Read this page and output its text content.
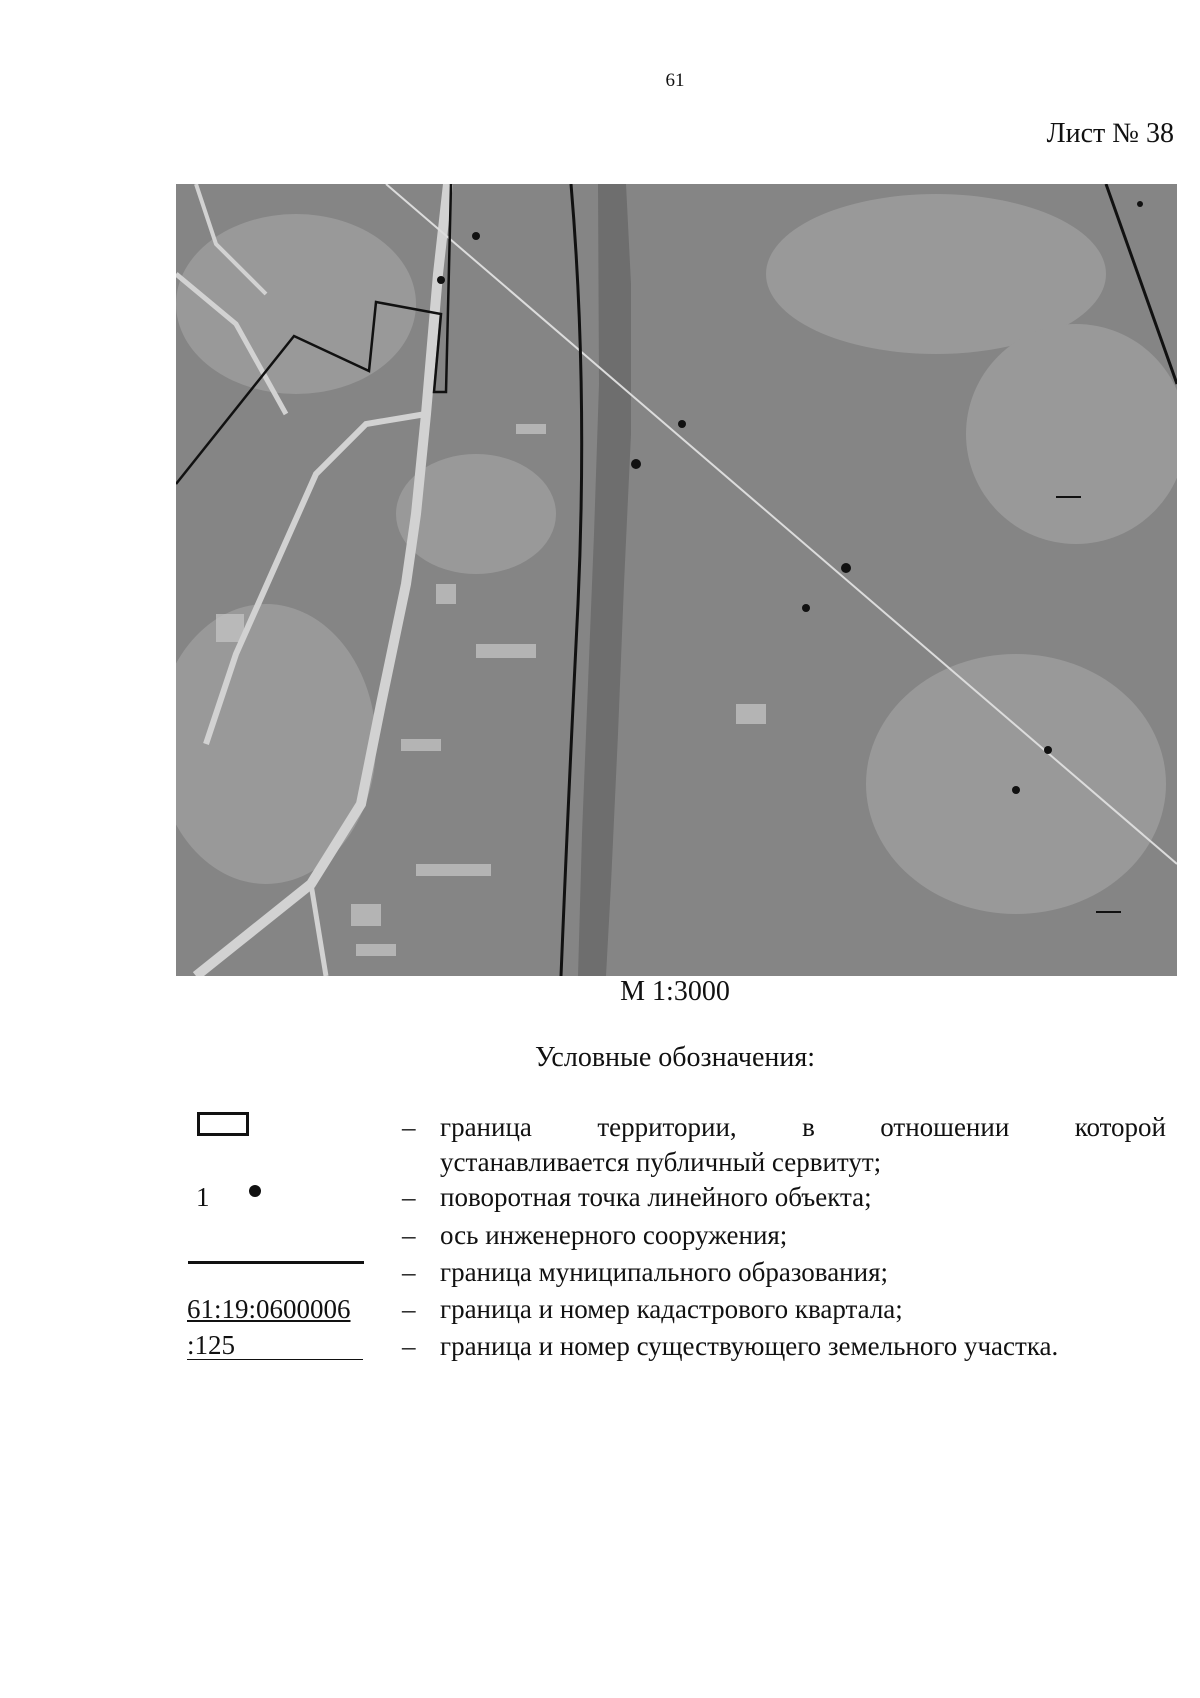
61
Лист № 38
М 1:3000
Условные обозначения:
– граница территории, в отношении которой
устанавливается публичный сервитут;
1	– поворотная точка линейного объекта;
– ось инженерного сооружения;
– граница муниципального образования;
61:19:0600006 – граница и номер кадастрового квартала;
:125	– граница и номер существующего земельного участка.
